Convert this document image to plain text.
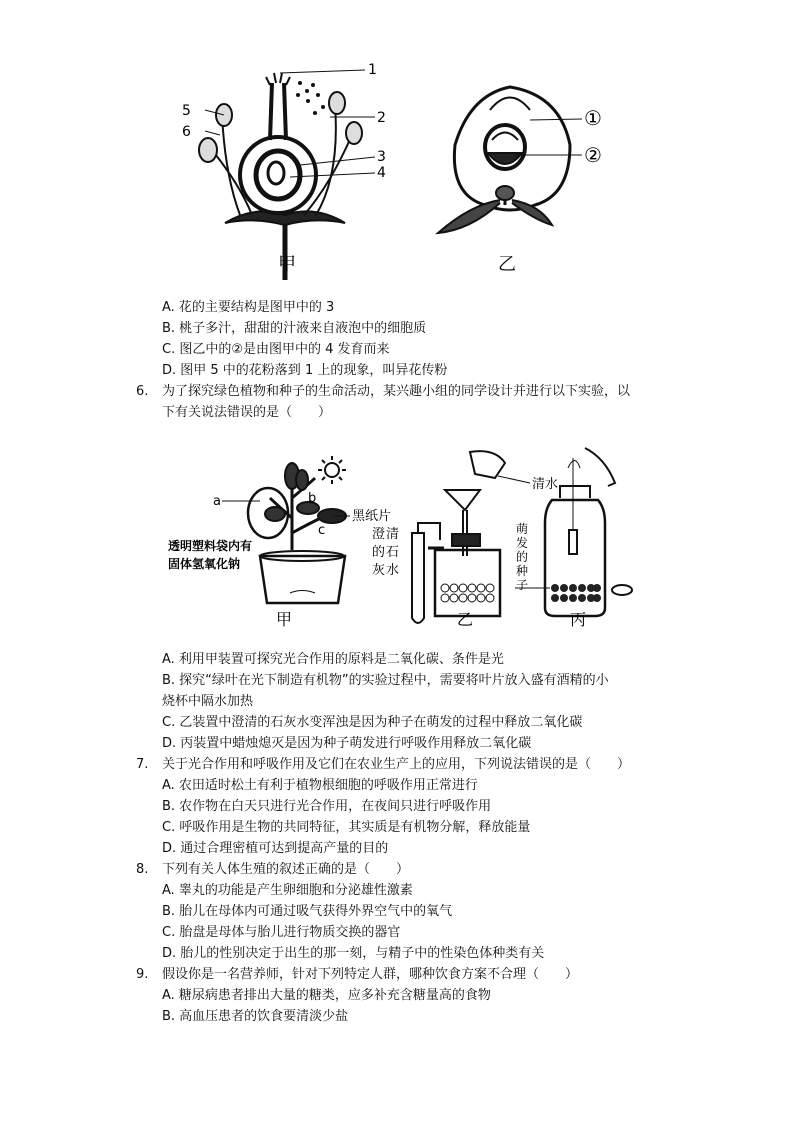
1
2
3
4
5
6
①
②
甲	乙
A. 花的主要结构是图甲中的 3
B. 桃子多汁，甜甜的汁液来自液泡中的细胞质
C. 图乙中的②是由图甲中的 4 发育而来
D. 图甲 5 中的花粉落到 1 上的现象，叫异花传粉
6. 为了探究绿色植物和种子的生命活动，某兴趣小组的同学设计并进行以下实验，以
下有关说法错误的是（　　）
a	b
c
黑纸片
透明塑料袋内有
固体氢氧化钠
清水
澄 清
的 石
灰 水
萌
发
的
种
子
甲	乙	丙
A. 利用甲装置可探究光合作用的原料是二氧化碳、条件是光
B. 探究“绿叶在光下制造有机物”的实验过程中，需要将叶片放入盛有酒精的小
烧杯中隔水加热
C. 乙装置中澄清的石灰水变浑浊是因为种子在萌发的过程中释放二氧化碳
D. 丙装置中蜡烛熄灭是因为种子萌发进行呼吸作用释放二氧化碳
7. 关于光合作用和呼吸作用及它们在农业生产上的应用，下列说法错误的是（　　）
A. 农田适时松土有利于植物根细胞的呼吸作用正常进行
B. 农作物在白天只进行光合作用，在夜间只进行呼吸作用
C. 呼吸作用是生物的共同特征，其实质是有机物分解，释放能量
D. 通过合理密植可达到提高产量的目的
8. 下列有关人体生殖的叙述正确的是（　　）
A. 睾丸的功能是产生卵细胞和分泌雄性激素
B. 胎儿在母体内可通过吸气获得外界空气中的氧气
C. 胎盘是母体与胎儿进行物质交换的器官
D. 胎儿的性别决定于出生的那一刻，与精子中的性染色体种类有关
9. 假设你是一名营养师，针对下列特定人群，哪种饮食方案不合理（　　）
A. 糖尿病患者排出大量的糖类，应多补充含糖量高的食物
B. 高血压患者的饮食要清淡少盐
